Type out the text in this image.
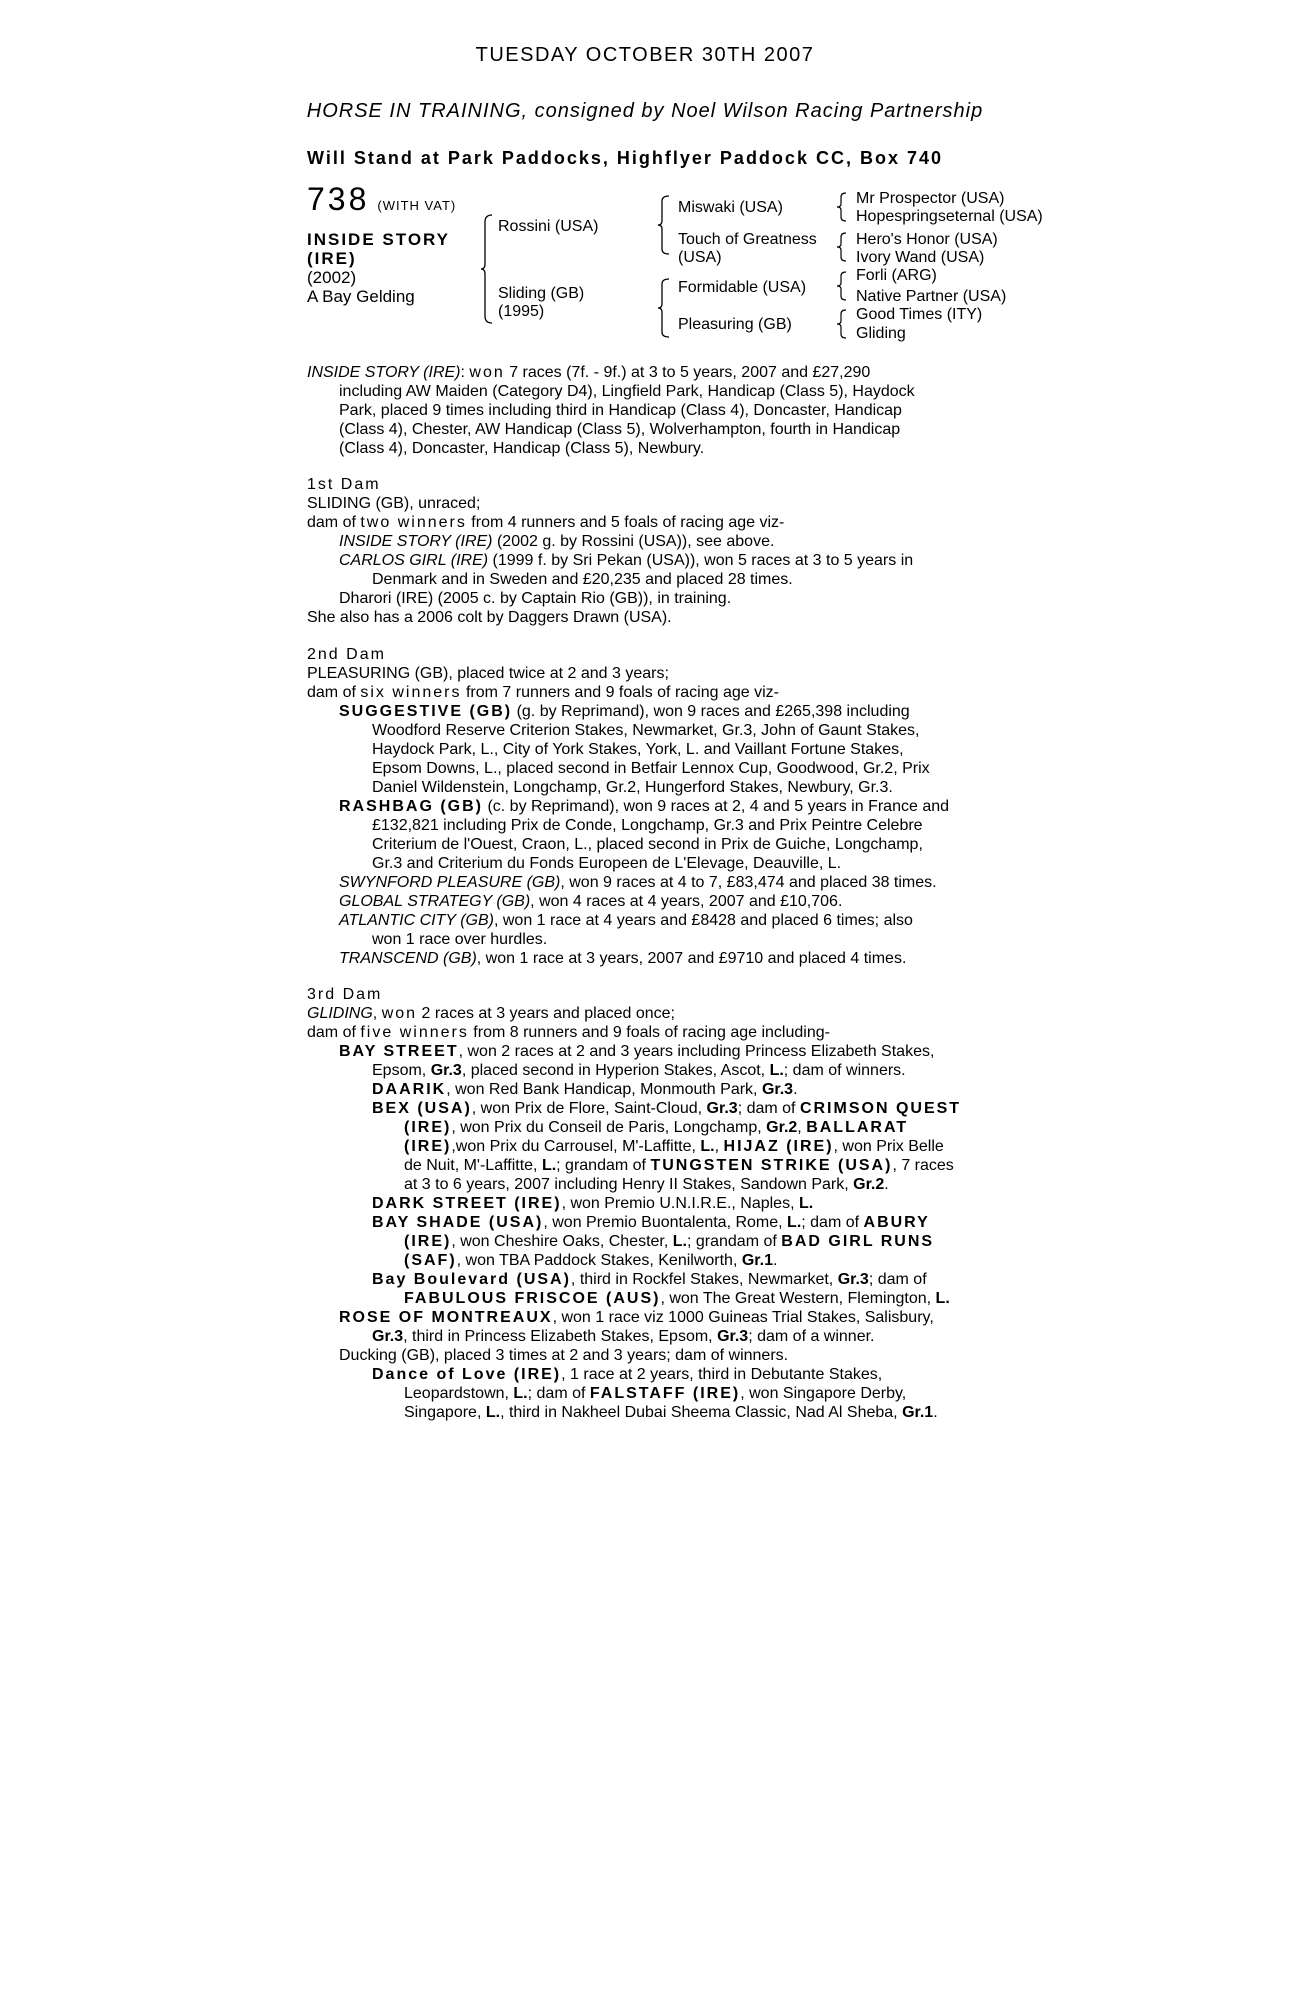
TUESDAY OCTOBER 30TH 2007
HORSE IN TRAINING, consigned by Noel Wilson Racing Partnership
Will Stand at Park Paddocks, Highflyer Paddock CC, Box 740
738 (WITH VAT)
INSIDE STORY
(IRE)
(2002)
A Bay Gelding
Rossini (USA)
Sliding (GB)
(1995)
Miswaki (USA)
Touch of Greatness
(USA)
Formidable (USA)
Pleasuring (GB)
Mr Prospector (USA)
Hopespringseternal (USA)
Hero's Honor (USA)
Ivory Wand (USA)
Forli (ARG)
Native Partner (USA)
Good Times (ITY)
Gliding
INSIDE STORY (IRE): won 7 races (7f. - 9f.) at 3 to 5 years, 2007 and £27,290
including AW Maiden (Category D4), Lingfield Park, Handicap (Class 5), Haydock
Park, placed 9 times including third in Handicap (Class 4), Doncaster, Handicap
(Class 4), Chester, AW Handicap (Class 5), Wolverhampton, fourth in Handicap
(Class 4), Doncaster, Handicap (Class 5), Newbury.
1st Dam
SLIDING (GB), unraced;
dam of two winners from 4 runners and 5 foals of racing age viz-
INSIDE STORY (IRE) (2002 g. by Rossini (USA)), see above.
CARLOS GIRL (IRE) (1999 f. by Sri Pekan (USA)), won 5 races at 3 to 5 years in
Denmark and in Sweden and £20,235 and placed 28 times.
Dharori (IRE) (2005 c. by Captain Rio (GB)), in training.
She also has a 2006 colt by Daggers Drawn (USA).
2nd Dam
PLEASURING (GB), placed twice at 2 and 3 years;
dam of six winners from 7 runners and 9 foals of racing age viz-
SUGGESTIVE (GB) (g. by Reprimand), won 9 races and £265,398 including
Woodford Reserve Criterion Stakes, Newmarket, Gr.3, John of Gaunt Stakes,
Haydock Park, L., City of York Stakes, York, L. and Vaillant Fortune Stakes,
Epsom Downs, L., placed second in Betfair Lennox Cup, Goodwood, Gr.2, Prix
Daniel Wildenstein, Longchamp, Gr.2, Hungerford Stakes, Newbury, Gr.3.
RASHBAG (GB) (c. by Reprimand), won 9 races at 2, 4 and 5 years in France and
£132,821 including Prix de Conde, Longchamp, Gr.3 and Prix Peintre Celebre
Criterium de l'Ouest, Craon, L., placed second in Prix de Guiche, Longchamp,
Gr.3 and Criterium du Fonds Europeen de L'Elevage, Deauville, L.
SWYNFORD PLEASURE (GB), won 9 races at 4 to 7, £83,474 and placed 38 times.
GLOBAL STRATEGY (GB), won 4 races at 4 years, 2007 and £10,706.
ATLANTIC CITY (GB), won 1 race at 4 years and £8428 and placed 6 times; also
won 1 race over hurdles.
TRANSCEND (GB), won 1 race at 3 years, 2007 and £9710 and placed 4 times.
3rd Dam
GLIDING, won 2 races at 3 years and placed once;
dam of five winners from 8 runners and 9 foals of racing age including-
BAY STREET, won 2 races at 2 and 3 years including Princess Elizabeth Stakes,
Epsom, Gr.3, placed second in Hyperion Stakes, Ascot, L.; dam of winners.
DAARIK, won Red Bank Handicap, Monmouth Park, Gr.3.
BEX (USA), won Prix de Flore, Saint-Cloud, Gr.3; dam of CRIMSON QUEST
(IRE), won Prix du Conseil de Paris, Longchamp, Gr.2, BALLARAT
(IRE),won Prix du Carrousel, M'-Laffitte, L., HIJAZ (IRE), won Prix Belle
de Nuit, M'-Laffitte, L.; grandam of TUNGSTEN STRIKE (USA), 7 races
at 3 to 6 years, 2007 including Henry II Stakes, Sandown Park, Gr.2.
DARK STREET (IRE), won Premio U.N.I.R.E., Naples, L.
BAY SHADE (USA), won Premio Buontalenta, Rome, L.; dam of ABURY
(IRE), won Cheshire Oaks, Chester, L.; grandam of BAD GIRL RUNS
(SAF), won TBA Paddock Stakes, Kenilworth, Gr.1.
Bay Boulevard (USA), third in Rockfel Stakes, Newmarket, Gr.3; dam of
FABULOUS FRISCOE (AUS), won The Great Western, Flemington, L.
ROSE OF MONTREAUX, won 1 race viz 1000 Guineas Trial Stakes, Salisbury,
Gr.3, third in Princess Elizabeth Stakes, Epsom, Gr.3; dam of a winner.
Ducking (GB), placed 3 times at 2 and 3 years; dam of winners.
Dance of Love (IRE), 1 race at 2 years, third in Debutante Stakes,
Leopardstown, L.; dam of FALSTAFF (IRE), won Singapore Derby,
Singapore, L., third in Nakheel Dubai Sheema Classic, Nad Al Sheba, Gr.1.
